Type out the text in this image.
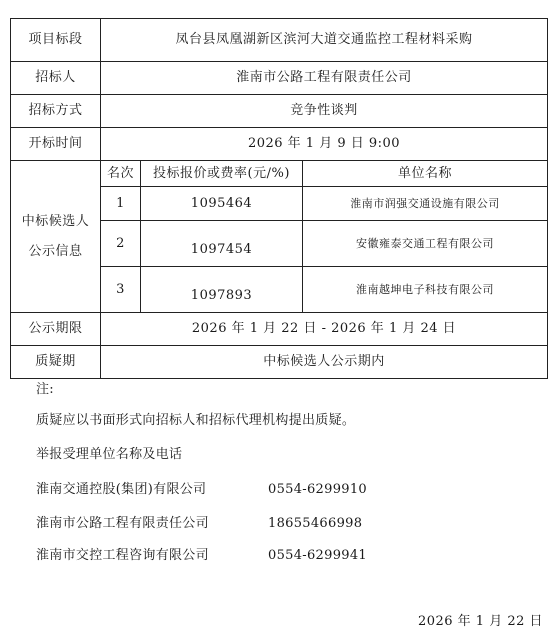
项目标段	凤台县凤凰湖新区滨河大道交通监控工程材料采购		
招标人	淮南市公路工程有限责任公司		
招标方式	竞争性谈判		
开标时间	2026 年 1 月 9 日 9:00		

中标候选人
公示信息	名次	投标报价或费率(元/%)	单位名称
	1	1095464	淮南市润强交通设施有限公司
	2	1097454	安徽雍泰交通工程有限公司
	3	1097893	淮南越坤电子科技有限公司
公示期限	2026 年 1 月 22 日 - 2026 年 1 月 24 日		
质疑期	中标候选人公示期内		
注:
质疑应以书面形式向招标人和招标代理机构提出质疑。
举报受理单位名称及电话
淮南交通控股(集团)有限公司	0554-6299910
淮南市公路工程有限责任公司	18655466998
淮南市交控工程咨询有限公司	0554-6299941
2026 年 1 月 22 日
